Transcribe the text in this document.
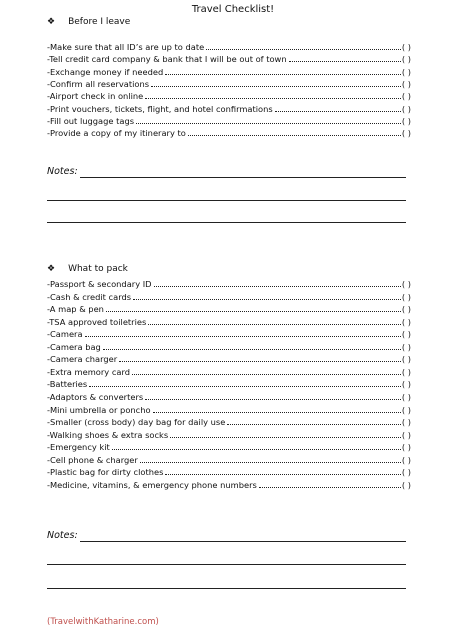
Travel Checklist!
❖ Before I leave
-Make sure that all ID’s are up to date	( )
-Tell credit card company & bank that I will be out of town	( )
-Exchange money if needed	( )
-Confirm all reservations	( )
-Airport check in online	( )
-Print vouchers, tickets, flight, and hotel confirmations	( )
-Fill out luggage tags	( )
-Provide a copy of my itinerary to	( )
Notes:
❖ What to pack
-Passport & secondary ID	( )
-Cash & credit cards	( )
-A map & pen	( )
-TSA approved toiletries	( )
-Camera	( )
-Camera bag	( )
-Camera charger	( )
-Extra memory card	( )
-Batteries	( )
-Adaptors & converters	( )
-Mini umbrella or poncho	( )
-Smaller (cross body) day bag for daily use	( )
-Walking shoes & extra socks	( )
-Emergency kit	( )
-Cell phone & charger	( )
-Plastic bag for dirty clothes	( )
-Medicine, vitamins, & emergency phone numbers	( )
Notes:
(TravelwithKatharine.com)
